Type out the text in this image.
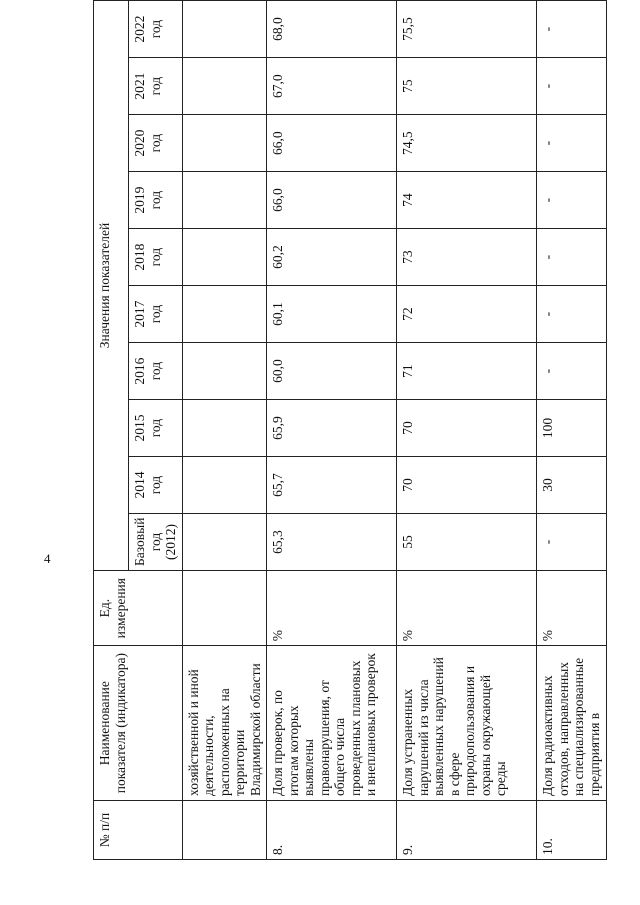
4
№ п/п	Наименование показателя (индикатора)	Ед. измерения	Значения показателей									
			Базовый год (2012)	2014 год	2015 год	2016 год	2017 год	2018 год	2019 год	2020 год	2021 год	2022 год
	хозяйственной и иной деятельности, расположенных на территории Владимирской области											
8.	Доля проверок, по итогам которых выявлены правонарушения, от общего числа проведенных плановых и внеплановых проверок	%	65,3	65,7	65,9	60,0	60,1	60,2	66,0	66,0	67,0	68,0
9.	Доля устраненных нарушений из числа выявленных нарушений в сфере природопользования и охраны окружающей среды	%	55	70	70	71	72	73	74	74,5	75	75,5
10.	Доля радиоактивных отходов, направленных на специализированные предприятия в	%	-	30	100	-	-	-	-	-	-	-
